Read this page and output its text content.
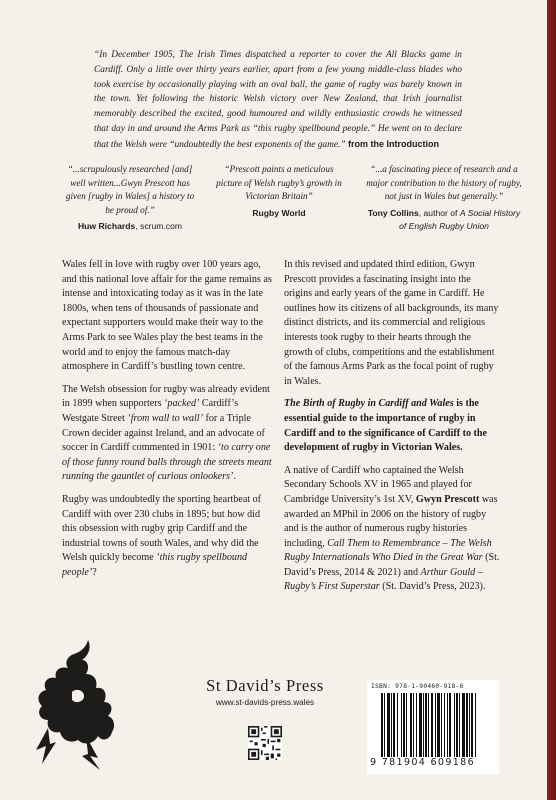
“In December 1905, The Irish Times dispatched a reporter to cover the All Blacks game in Cardiff. Only a little over thirty years earlier, apart from a few young middle-class blades who took exercise by occasionally playing with an oval ball, the game of rugby was barely known in the town. Yet following the historic Welsh victory over New Zealand, that Irish journalist memorably described the excited, good humoured and wildly enthusiastic crowds he witnessed that day in and around the Arms Park as “this rugby spellbound people.” He went on to declare that the Welsh were “undoubtedly the best exponents of the game.” from the Introduction
“...scrupulously researched [and] well written...Gwyn Prescott has given [rugby in Wales] a history to be proud of.”
Huw Richards, scrum.com
“Prescott paints a meticulous picture of Welsh rugby’s growth in Victorian Britain”
Rugby World
“...a fascinating piece of research and a major contribution to the history of rugby, not just in Wales but generally.”
Tony Collins, author of A Social History of English Rugby Union

Wales fell in love with rugby over 100 years ago, and this national love affair for the game remains as intense and intoxicating today as it was in the late 1800s, when tens of thousands of passionate and expectant supporters would make their way to the Arms Park to see Wales play the best teams in the world and to enjoy the famous match-day atmosphere in Cardiff’s bustling town centre.

The Welsh obsession for rugby was already evident in 1899 when supporters ‘packed’ Cardiff’s Westgate Street ‘from wall to wall’ for a Triple Crown decider against Ireland, and an advocate of soccer in Cardiff commented in 1901: ‘to carry one of those funny round balls through the streets meant running the gauntlet of curious onlookers’.

Rugby was undoubtedly the sporting heartbeat of Cardiff with over 230 clubs in 1895; but how did this obsession with rugby grip Cardiff and the industrial towns of south Wales, and why did the Welsh quickly become ‘this rugby spellbound people’?

In this revised and updated third edition, Gwyn Prescott provides a fascinating insight into the origins and early years of the game in Cardiff. He outlines how its citizens of all backgrounds, its many distinct districts, and its commercial and religious interests took rugby to their hearts through the growth of clubs, competitions and the establishment of the famous Arms Park as the focal point of rugby in Wales.

The Birth of Rugby in Cardiff and Wales is the essential guide to the importance of rugby in Cardiff and to the significance of Cardiff to the development of rugby in Victorian Wales.

A native of Cardiff who captained the Welsh Secondary Schools XV in 1965 and played for Cambridge University’s 1st XV, Gwyn Prescott was awarded an MPhil in 2006 on the history of rugby and is the author of numerous rugby histories including, Call Them to Remembrance – The Welsh Rugby Internationals Who Died in the Great War (St. David’s Press, 2014 & 2021) and Arthur Gould – Rugby’s First Superstar (St. David’s Press, 2023).

St David’s Press
www.st-davids-press.wales
ISBN: 978-1-90460-918-6
9 781904 609186
